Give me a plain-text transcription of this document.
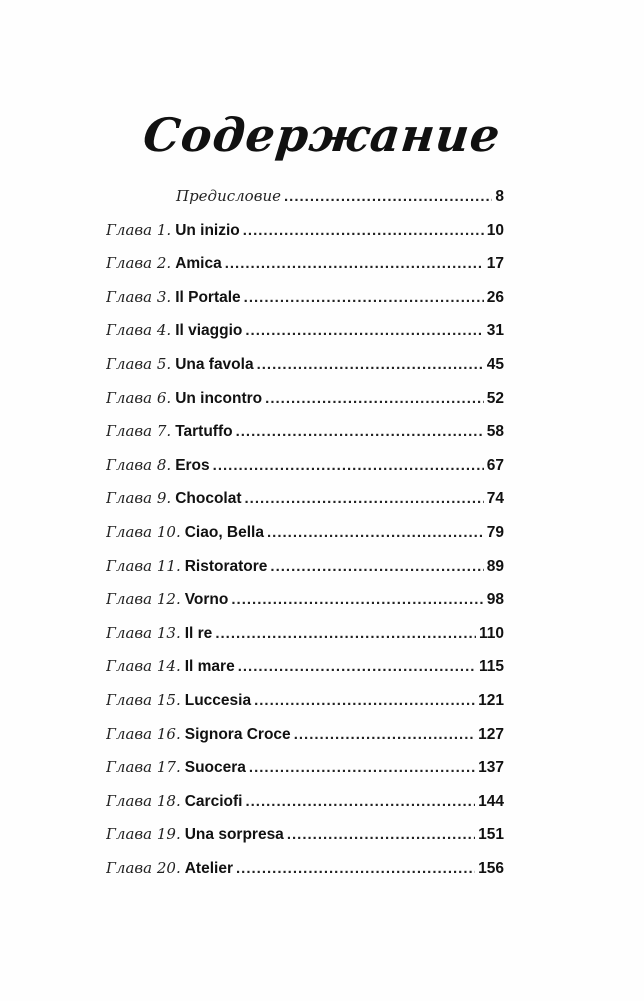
Содержание
Предисловие .....	8
Глава 1. Un inizio .....	10
Глава 2. Amica .....	17
Глава 3. Il Portale .....	26
Глава 4. Il viaggio .....	31
Глава 5. Una favola .....	45
Глава 6. Un incontro .....	52
Глава 7. Tartuffo .....	58
Глава 8. Eros .....	67
Глава 9. Chocolat .....	74
Глава 10. Ciao, Bella .....	79
Глава 11. Ristoratore .....	89
Глава 12. Vorno .....	98
Глава 13. Il re .....	110
Глава 14. Il mare .....	115
Глава 15. Luccesia .....	121
Глава 16. Signora Croce .....	127
Глава 17. Suocera .....	137
Глава 18. Carciofi .....	144
Глава 19. Una sorpresa .....	151
Глава 20. Atelier .....	156
